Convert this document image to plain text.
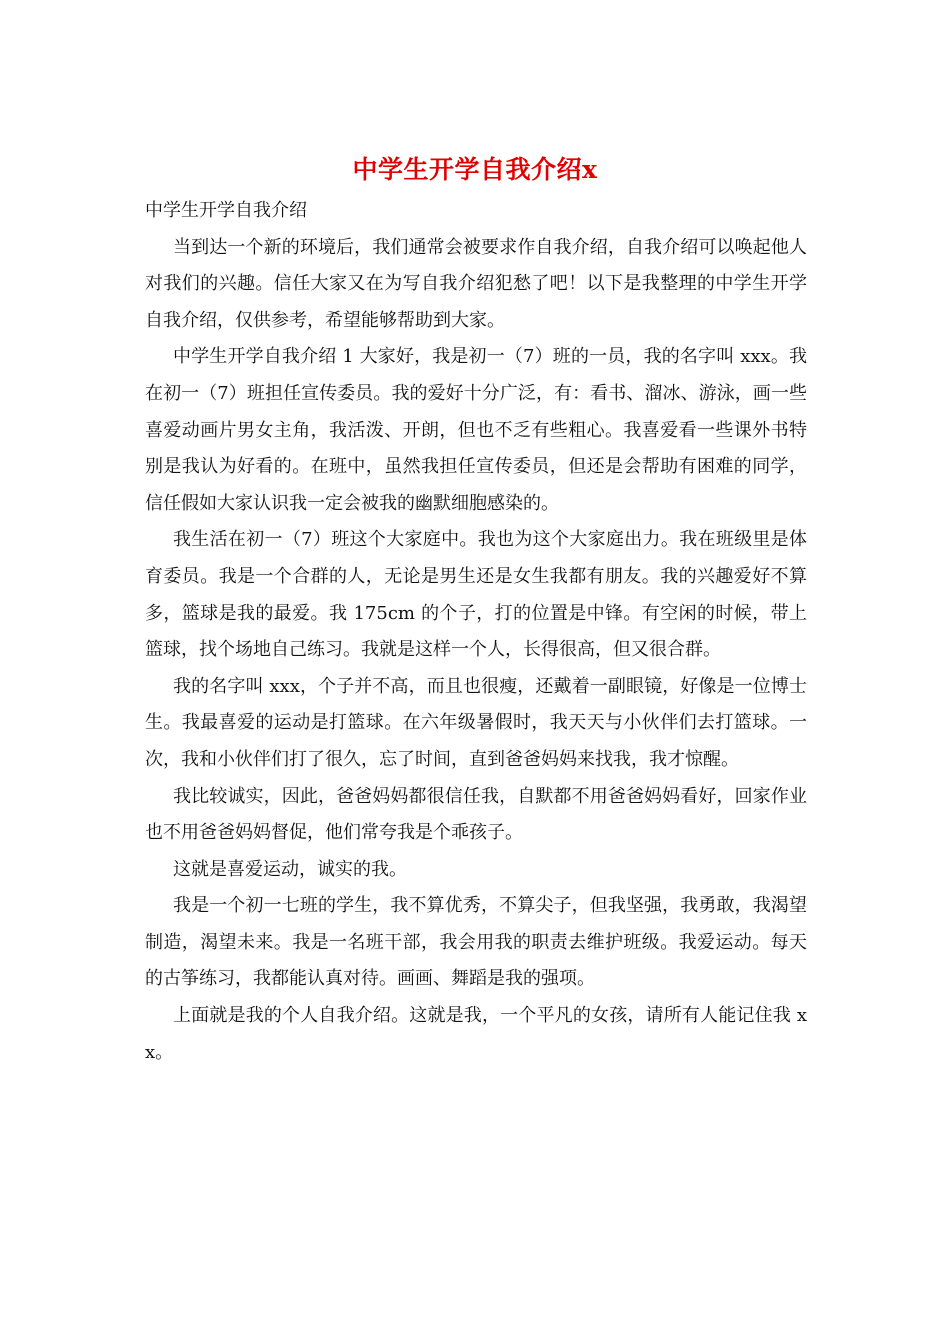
中学生开学自我介绍x

中学生开学自我介绍

当到达一个新的环境后，我们通常会被要求作自我介绍，自我介绍可以唤起他人对我们的兴趣。信任大家又在为写自我介绍犯愁了吧！以下是我整理的中学生开学自我介绍，仅供参考，希望能够帮助到大家。

中学生开学自我介绍 1 大家好，我是初一（7）班的一员，我的名字叫 xxx。我在初一（7）班担任宣传委员。我的爱好十分广泛，有：看书、溜冰、游泳，画一些喜爱动画片男女主角，我活泼、开朗，但也不乏有些粗心。我喜爱看一些课外书特别是我认为好看的。在班中，虽然我担任宣传委员，但还是会帮助有困难的同学，信任假如大家认识我一定会被我的幽默细胞感染的。

我生活在初一（7）班这个大家庭中。我也为这个大家庭出力。我在班级里是体育委员。我是一个合群的人，无论是男生还是女生我都有朋友。我的兴趣爱好不算多，篮球是我的最爱。我 175cm 的个子，打的位置是中锋。有空闲的时候，带上篮球，找个场地自己练习。我就是这样一个人，长得很高，但又很合群。

我的名字叫 xxx，个子并不高，而且也很瘦，还戴着一副眼镜，好像是一位博士生。我最喜爱的运动是打篮球。在六年级暑假时，我天天与小伙伴们去打篮球。一次，我和小伙伴们打了很久，忘了时间，直到爸爸妈妈来找我，我才惊醒。

我比较诚实，因此，爸爸妈妈都很信任我，自默都不用爸爸妈妈看好，回家作业也不用爸爸妈妈督促，他们常夸我是个乖孩子。

这就是喜爱运动，诚实的我。

我是一个初一七班的学生，我不算优秀，不算尖子，但我坚强，我勇敢，我渴望制造，渴望未来。我是一名班干部，我会用我的职责去维护班级。我爱运动。每天的古筝练习，我都能认真对待。画画、舞蹈是我的强项。

上面就是我的个人自我介绍。这就是我，一个平凡的女孩，请所有人能记住我 xx。
